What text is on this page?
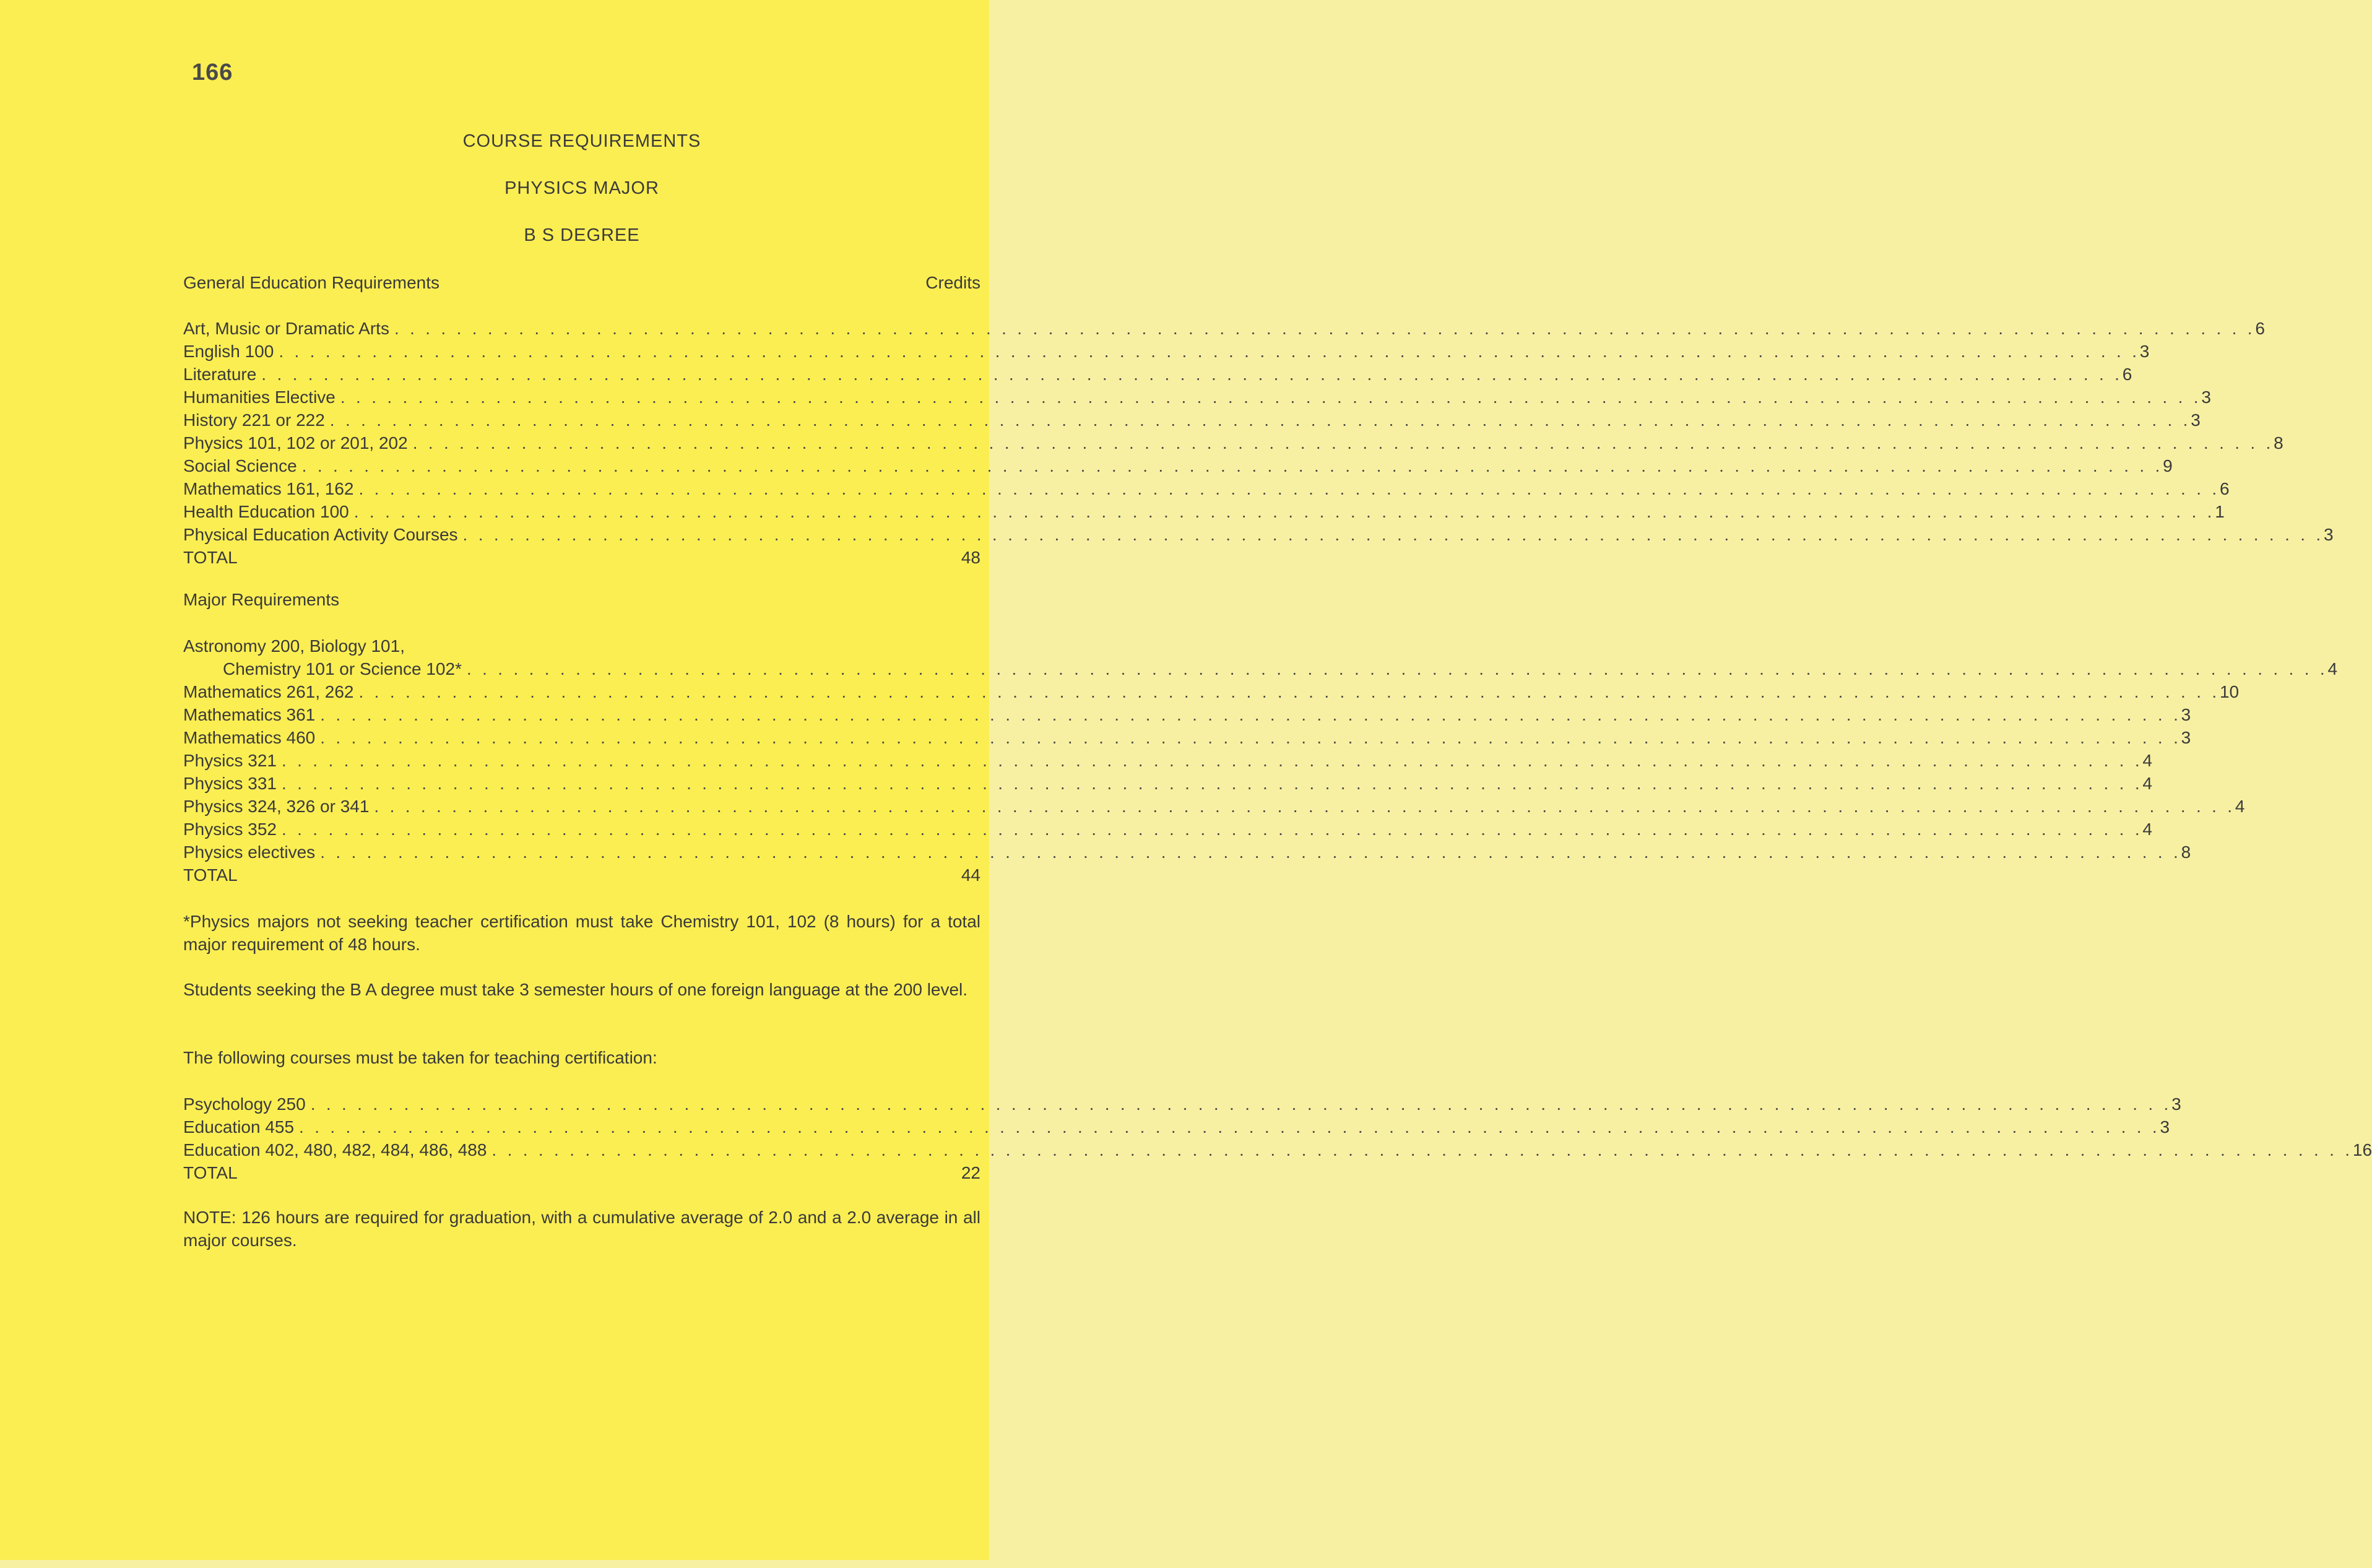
166
COURSE REQUIREMENTS
PHYSICS MAJOR
B S DEGREE
General Education Requirements	Credits
Art, Music or Dramatic Arts . . . . . . . . . . . . . . . . . . . . . . . . . . . . . . . . . . . . . . . . . . . . . . . . . . . . . . . . . . . . . . . . . . . . . . . . . . . . . . . . . . . . . . . . . . . . . . . . . . . . . . . . . . . . . . . . . . . . . . . . 6
English 100 . . . . . . . . . . . . . . . . . . . . . . . . . . . . . . . . . . . . . . . . . . . . . . . . . . . . . . . . . . . . . . . . . . . . . . . . . . . . . . . . . . . . . . . . . . . . . . . . . . . . . . . . . . . . . . . . . . . . . . . . 3
Literature . . . . . . . . . . . . . . . . . . . . . . . . . . . . . . . . . . . . . . . . . . . . . . . . . . . . . . . . . . . . . . . . . . . . . . . . . . . . . . . . . . . . . . . . . . . . . . . . . . . . . . . . . . . . . . . . . . . . . . . . 6
Humanities Elective . . . . . . . . . . . . . . . . . . . . . . . . . . . . . . . . . . . . . . . . . . . . . . . . . . . . . . . . . . . . . . . . . . . . . . . . . . . . . . . . . . . . . . . . . . . . . . . . . . . . . . . . . . . . . . . . . . . . . . . . 3
History 221 or 222 . . . . . . . . . . . . . . . . . . . . . . . . . . . . . . . . . . . . . . . . . . . . . . . . . . . . . . . . . . . . . . . . . . . . . . . . . . . . . . . . . . . . . . . . . . . . . . . . . . . . . . . . . . . . . . . . . . . . . . . . 3
Physics 101, 102 or 201, 202 . . . . . . . . . . . . . . . . . . . . . . . . . . . . . . . . . . . . . . . . . . . . . . . . . . . . . . . . . . . . . . . . . . . . . . . . . . . . . . . . . . . . . . . . . . . . . . . . . . . . . . . . . . . . . . . . . . . . . . . . 8
Social Science . . . . . . . . . . . . . . . . . . . . . . . . . . . . . . . . . . . . . . . . . . . . . . . . . . . . . . . . . . . . . . . . . . . . . . . . . . . . . . . . . . . . . . . . . . . . . . . . . . . . . . . . . . . . . . . . . . . . . . . . 9
Mathematics 161, 162 . . . . . . . . . . . . . . . . . . . . . . . . . . . . . . . . . . . . . . . . . . . . . . . . . . . . . . . . . . . . . . . . . . . . . . . . . . . . . . . . . . . . . . . . . . . . . . . . . . . . . . . . . . . . . . . . . . . . . . . . 6
Health Education 100 . . . . . . . . . . . . . . . . . . . . . . . . . . . . . . . . . . . . . . . . . . . . . . . . . . . . . . . . . . . . . . . . . . . . . . . . . . . . . . . . . . . . . . . . . . . . . . . . . . . . . . . . . . . . . . . . . . . . . . . . 1
Physical Education Activity Courses . . . . . . . . . . . . . . . . . . . . . . . . . . . . . . . . . . . . . . . . . . . . . . . . . . . . . . . . . . . . . . . . . . . . . . . . . . . . . . . . . . . . . . . . . . . . . . . . . . . . . . . . . . . . . . . . . . . . . . . . 3
TOTAL	48
Major Requirements
Astronomy 200, Biology 101,
Chemistry 101 or Science 102* . . . . . . . . . . . . . . . . . . . . . . . . . . . . . . . . . . . . . . . . . . . . . . . . . . . . . . . . . . . . . . . . . . . . . . . . . . . . . . . . . . . . . . . . . . . . . . . . . . . . . . . . . . . . . . . . . . . . . . . . 4
Mathematics 261, 262 . . . . . . . . . . . . . . . . . . . . . . . . . . . . . . . . . . . . . . . . . . . . . . . . . . . . . . . . . . . . . . . . . . . . . . . . . . . . . . . . . . . . . . . . . . . . . . . . . . . . . . . . . . . . . . . . . . . . . . . . 10
Mathematics 361 . . . . . . . . . . . . . . . . . . . . . . . . . . . . . . . . . . . . . . . . . . . . . . . . . . . . . . . . . . . . . . . . . . . . . . . . . . . . . . . . . . . . . . . . . . . . . . . . . . . . . . . . . . . . . . . . . . . . . . . . 3
Mathematics 460 . . . . . . . . . . . . . . . . . . . . . . . . . . . . . . . . . . . . . . . . . . . . . . . . . . . . . . . . . . . . . . . . . . . . . . . . . . . . . . . . . . . . . . . . . . . . . . . . . . . . . . . . . . . . . . . . . . . . . . . . 3
Physics 321 . . . . . . . . . . . . . . . . . . . . . . . . . . . . . . . . . . . . . . . . . . . . . . . . . . . . . . . . . . . . . . . . . . . . . . . . . . . . . . . . . . . . . . . . . . . . . . . . . . . . . . . . . . . . . . . . . . . . . . . . 4
Physics 331 . . . . . . . . . . . . . . . . . . . . . . . . . . . . . . . . . . . . . . . . . . . . . . . . . . . . . . . . . . . . . . . . . . . . . . . . . . . . . . . . . . . . . . . . . . . . . . . . . . . . . . . . . . . . . . . . . . . . . . . . 4
Physics 324, 326 or 341 . . . . . . . . . . . . . . . . . . . . . . . . . . . . . . . . . . . . . . . . . . . . . . . . . . . . . . . . . . . . . . . . . . . . . . . . . . . . . . . . . . . . . . . . . . . . . . . . . . . . . . . . . . . . . . . . . . . . . . . . 4
Physics 352 . . . . . . . . . . . . . . . . . . . . . . . . . . . . . . . . . . . . . . . . . . . . . . . . . . . . . . . . . . . . . . . . . . . . . . . . . . . . . . . . . . . . . . . . . . . . . . . . . . . . . . . . . . . . . . . . . . . . . . . . 4
Physics electives . . . . . . . . . . . . . . . . . . . . . . . . . . . . . . . . . . . . . . . . . . . . . . . . . . . . . . . . . . . . . . . . . . . . . . . . . . . . . . . . . . . . . . . . . . . . . . . . . . . . . . . . . . . . . . . . . . . . . . . . 8
TOTAL	44
*Physics majors not seeking teacher certification must take Chemistry 101, 102 (8 hours) for a total major requirement of 48 hours.
Students seeking the B A degree must take 3 semester hours of one foreign language at the 200 level.
The following courses must be taken for teaching certification:
Psychology 250 . . . . . . . . . . . . . . . . . . . . . . . . . . . . . . . . . . . . . . . . . . . . . . . . . . . . . . . . . . . . . . . . . . . . . . . . . . . . . . . . . . . . . . . . . . . . . . . . . . . . . . . . . . . . . . . . . . . . . . . . 3
Education 455 . . . . . . . . . . . . . . . . . . . . . . . . . . . . . . . . . . . . . . . . . . . . . . . . . . . . . . . . . . . . . . . . . . . . . . . . . . . . . . . . . . . . . . . . . . . . . . . . . . . . . . . . . . . . . . . . . . . . . . . . 3
Education 402, 480, 482, 484, 486, 488 . . . . . . . . . . . . . . . . . . . . . . . . . . . . . . . . . . . . . . . . . . . . . . . . . . . . . . . . . . . . . . . . . . . . . . . . . . . . . . . . . . . . . . . . . . . . . . . . . . . . . . . . . . . . . . . . . . . . . . . . 16
TOTAL	22
NOTE: 126 hours are required for graduation, with a cumulative average of 2.0 and a 2.0 average in all major courses.
